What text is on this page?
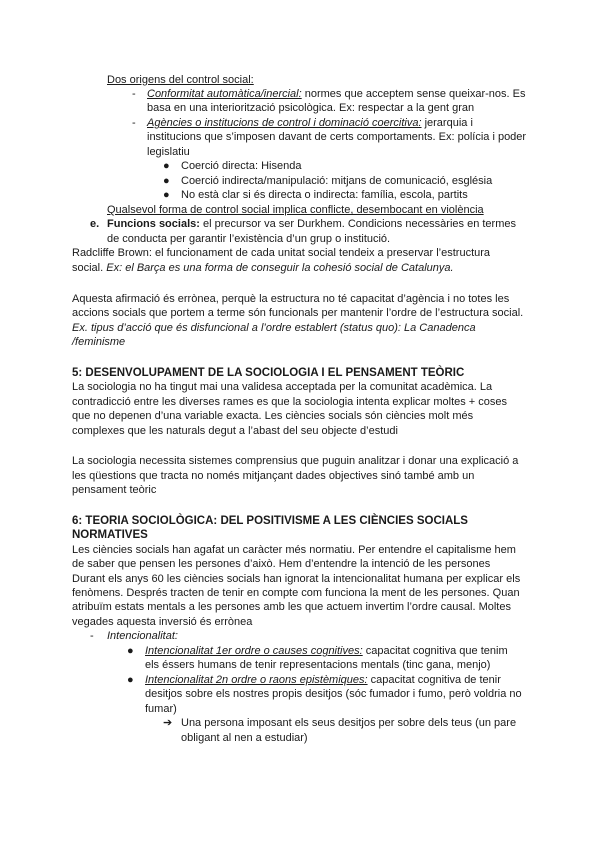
Dos origens del control social:
- Conformitat automàtica/inercial: normes que acceptem sense queixar-nos. Es
basa en una interiorització psicològica. Ex: respectar a la gent gran
- Agències o institucions de control i dominació coercitiva: jerarquia i
institucions que s’imposen davant de certs comportaments. Ex: polícia i poder
legislatiu
● Coerció directa: Hisenda
● Coerció indirecta/manipulació: mitjans de comunicació, església
● No està clar si és directa o indirecta: família, escola, partits
Qualsevol forma de control social implica conflicte, desembocant en violència
e. Funcions socials: el precursor va ser Durkhem. Condicions necessàries en termes
de conducta per garantir l’existència d’un grup o institució.
Radcliffe Brown: el funcionament de cada unitat social tendeix a preservar l’estructura
social. Ex: el Barça es una forma de conseguir la cohesió social de Catalunya.
Aquesta afirmació és errònea, perquè la estructura no té capacitat d’agència i no totes les
accions socials que portem a terme són funcionals per mantenir l’ordre de l’estructura social.
Ex. tipus d’acció que és disfuncional a l’ordre establert (status quo): La Canadenca
/feminisme
5: DESENVOLUPAMENT DE LA SOCIOLOGIA I EL PENSAMENT TEÒRIC
La sociologia no ha tingut mai una validesa acceptada per la comunitat acadèmica. La
contradicció entre les diverses rames es que la sociologia intenta explicar moltes + coses
que no depenen d’una variable exacta. Les ciències socials són ciències molt més
complexes que les naturals degut a l’abast del seu objecte d’estudi
La sociologia necessita sistemes comprensius que puguin analitzar i donar una explicació a
les qüestions que tracta no només mitjançant dades objectives sinó també amb un
pensament teòric
6: TEORIA SOCIOLÒGICA: DEL POSITIVISME A LES CIÈNCIES SOCIALS
NORMATIVES
Les ciències socials han agafat un caràcter més normatiu. Per entendre el capitalisme hem
de saber que pensen les persones d’això. Hem d’entendre la intenció de les persones
Durant els anys 60 les ciències socials han ignorat la intencionalitat humana per explicar els
fenòmens. Després tracten de tenir en compte com funciona la ment de les persones. Quan
atribuïm estats mentals a les persones amb les que actuem invertim l’ordre causal. Moltes
vegades aquesta inversió és errònea
- Intencionalitat:
● Intencionalitat 1er ordre o causes cognitives: capacitat cognitiva que tenim
els éssers humans de tenir representacions mentals (tinc gana, menjo)
● Intencionalitat 2n ordre o raons epistèmiques: capacitat cognitiva de tenir
desitjos sobre els nostres propis desitjos (sóc fumador i fumo, però voldria no
fumar)
➔ Una persona imposant els seus desitjos per sobre dels teus (un pare
obligant al nen a estudiar)
